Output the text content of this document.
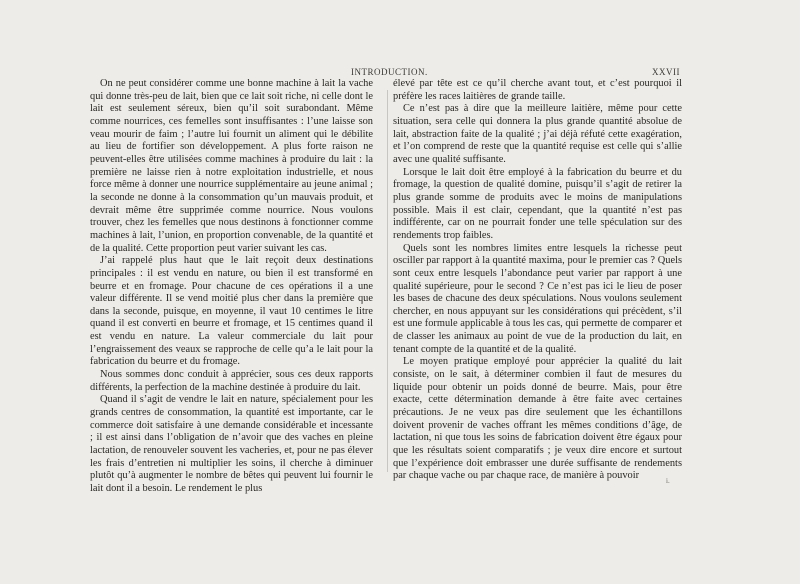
INTRODUCTION.	XXVII

On ne peut considérer comme une bonne machine à lait la vache qui donne très-peu de lait, bien que ce lait soit riche, ni celle dont le lait est seulement séreux, bien qu’il soit surabondant. Même comme nourrices, ces femelles sont insuffisantes : l’une laisse son veau mourir de faim ; l’autre lui fournit un aliment qui le débilite au lieu de fortifier son développement. A plus forte raison ne peuvent-elles être utilisées comme machines à produire du lait : la première ne laisse rien à notre exploitation industrielle, et nous force même à donner une nourrice supplémentaire au jeune animal ; la seconde ne donne à la consommation qu’un mauvais produit, et devrait même être supprimée comme nourrice. Nous voulons trouver, chez les femelles que nous destinons à fonctionner comme machines à lait, l’union, en proportion convenable, de la quantité et de la qualité. Cette proportion peut varier suivant les cas.

J’ai rappelé plus haut que le lait reçoit deux destinations principales : il est vendu en nature, ou bien il est transformé en beurre et en fromage. Pour chacune de ces opérations il a une valeur différente. Il se vend moitié plus cher dans la première que dans la seconde, puisque, en moyenne, il vaut 10 centimes le litre quand il est converti en beurre et fromage, et 15 centimes quand il est vendu en nature. La valeur commerciale du lait pour l’engraissement des veaux se rapproche de celle qu’a le lait pour la fabrication du beurre et du fromage.

Nous sommes donc conduit à apprécier, sous ces deux rapports différents, la perfection de la machine destinée à produire du lait.

Quand il s’agit de vendre le lait en nature, spécialement pour les grands centres de consommation, la quantité est importante, car le commerce doit satisfaire à une demande considérable et incessante ; il est ainsi dans l’obligation de n’avoir que des vaches en pleine lactation, de renouveler souvent les vacheries, et, pour ne pas élever les frais d’entretien ni multiplier les soins, il cherche à diminuer plutôt qu’à augmenter le nombre de bêtes qui peuvent lui fournir le lait dont il a besoin. Le rendement le plus

élevé par tête est ce qu’il cherche avant tout, et c’est pourquoi il préfère les races laitières de grande taille.

Ce n’est pas à dire que la meilleure laitière, même pour cette situation, sera celle qui donnera la plus grande quantité absolue de lait, abstraction faite de la qualité ; j’ai déjà réfuté cette exagération, et l’on comprend de reste que la quantité requise est celle qui s’allie avec une qualité suffisante.

Lorsque le lait doit être employé à la fabrication du beurre et du fromage, la question de qualité domine, puisqu’il s’agit de retirer la plus grande somme de produits avec le moins de manipulations possible. Mais il est clair, cependant, que la quantité n’est pas indifférente, car on ne pourrait fonder une telle spéculation sur des rendements trop faibles.

Quels sont les nombres limites entre lesquels la richesse peut osciller par rapport à la quantité maxima, pour le premier cas ? Quels sont ceux entre lesquels l’abondance peut varier par rapport à une qualité supérieure, pour le second ? Ce n’est pas ici le lieu de poser les bases de chacune des deux spéculations. Nous voulons seulement chercher, en nous appuyant sur les considérations qui précèdent, s’il est une formule applicable à tous les cas, qui permette de comparer et de classer les animaux au point de vue de la production du lait, en tenant compte de la quantité et de la qualité.

Le moyen pratique employé pour apprécier la qualité du lait consiste, on le sait, à déterminer combien il faut de mesures du liquide pour obtenir un poids donné de beurre. Mais, pour être exacte, cette détermination demande à être faite avec certaines précautions. Je ne veux pas dire seulement que les échantillons doivent provenir de vaches offrant les mêmes conditions d’âge, de lactation, ni que tous les soins de fabrication doivent être égaux pour que les résultats soient comparatifs ; je veux dire encore et surtout que l’expérience doit embrasser une durée suffisante de rendements par chaque vache ou par chaque race, de manière à pouvoir	i.
